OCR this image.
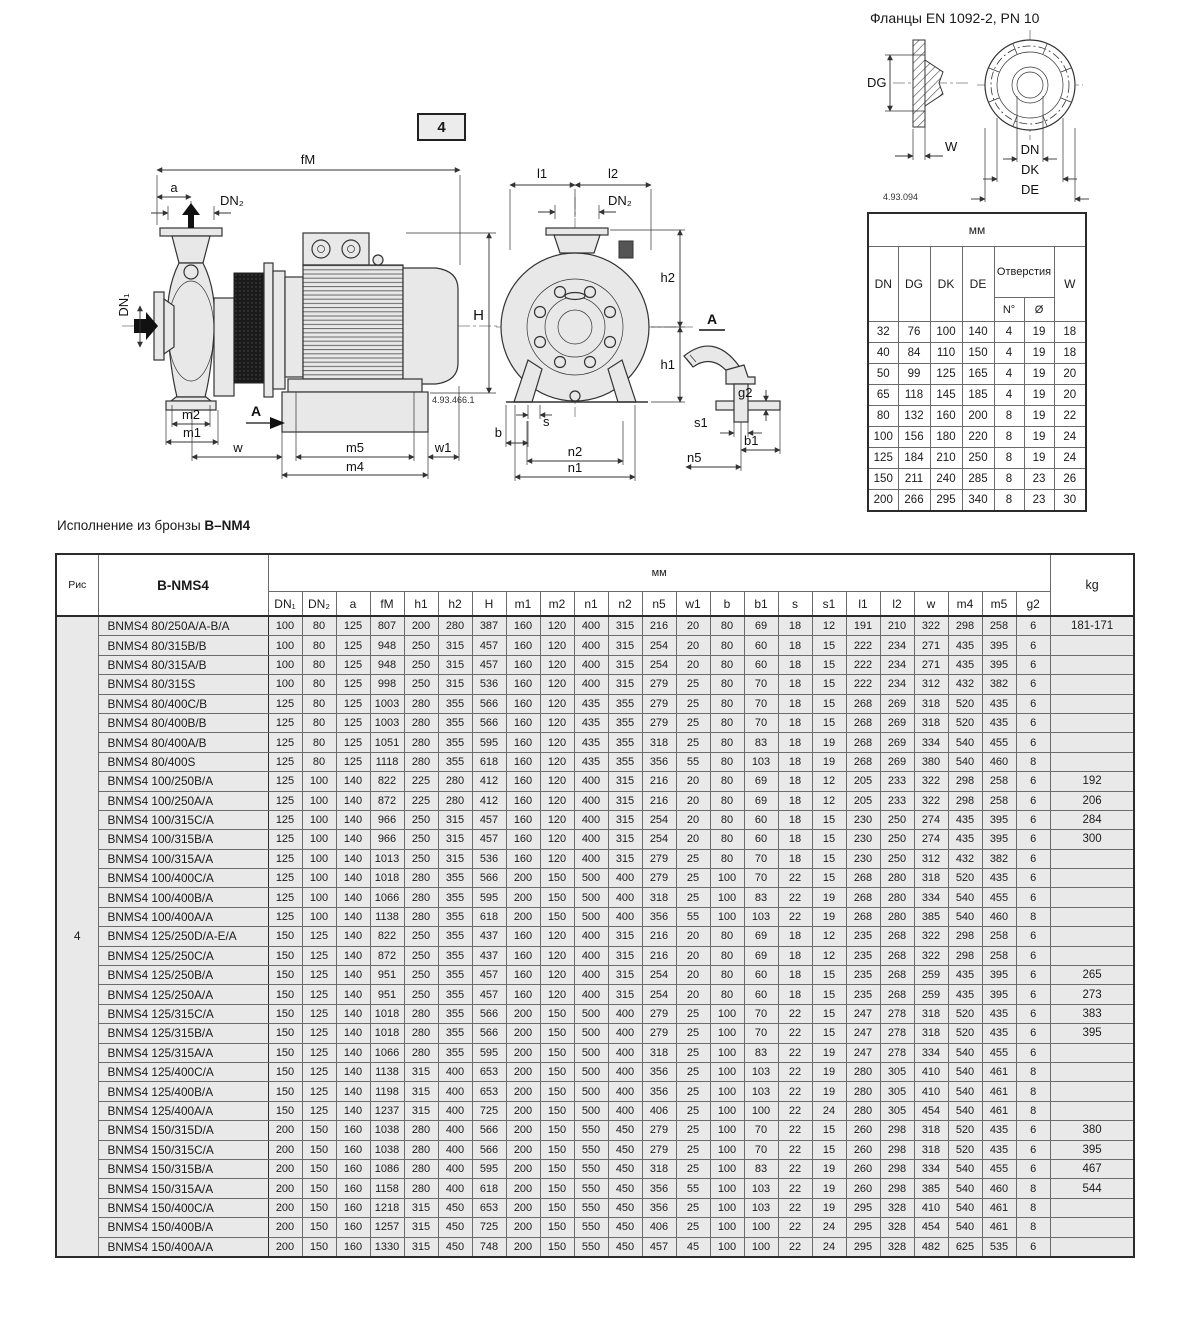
4
fM
a
DN₂
DN₁	H
A
m2
m1
w	m5	w1
m4
4.93.466.1
l1	l2
DN₂
h2
h1
s
b
n2
n1
A
g2
s1
b1
n5
Фланцы EN 1092-2, PN 10
DG
W
4.93.094
DN
DK
DE
мм						
DN	DG	DK	DE	Отверстия		W
				N°	Ø	
32	76	100	140	4	19	18
40	84	110	150	4	19	18
50	99	125	165	4	19	20
65	118	145	185	4	19	20
80	132	160	200	8	19	22
100	156	180	220	8	19	24
125	184	210	250	8	19	24
150	211	240	285	8	23	26
200	266	295	340	8	23	30
Исполнение из бронзы B–NM4
Рис	B-NMS4	мм																							kg
		DN₁	DN₂	a	fM	h1	h2	H	m1	m2	n1	n2	n5	w1	b	b1	s	s1	l1	l2	w	m4	m5	g2	
4	BNMS4 80/250A/A-B/A	100	80	125	807	200	280	387	160	120	400	315	216	20	80	69	18	12	191	210	322	298	258	6	181-171
	BNMS4 80/315B/B	100	80	125	948	250	315	457	160	120	400	315	254	20	80	60	18	15	222	234	271	435	395	6	
	BNMS4 80/315A/B	100	80	125	948	250	315	457	160	120	400	315	254	20	80	60	18	15	222	234	271	435	395	6	
	BNMS4 80/315S	100	80	125	998	250	315	536	160	120	400	315	279	25	80	70	18	15	222	234	312	432	382	6	
	BNMS4 80/400C/B	125	80	125	1003	280	355	566	160	120	435	355	279	25	80	70	18	15	268	269	318	520	435	6	
	BNMS4 80/400B/B	125	80	125	1003	280	355	566	160	120	435	355	279	25	80	70	18	15	268	269	318	520	435	6	
	BNMS4 80/400A/B	125	80	125	1051	280	355	595	160	120	435	355	318	25	80	83	18	19	268	269	334	540	455	6	
	BNMS4 80/400S	125	80	125	1118	280	355	618	160	120	435	355	356	55	80	103	18	19	268	269	380	540	460	8	
	BNMS4 100/250B/A	125	100	140	822	225	280	412	160	120	400	315	216	20	80	69	18	12	205	233	322	298	258	6	192
	BNMS4 100/250A/A	125	100	140	872	225	280	412	160	120	400	315	216	20	80	69	18	12	205	233	322	298	258	6	206
	BNMS4 100/315C/A	125	100	140	966	250	315	457	160	120	400	315	254	20	80	60	18	15	230	250	274	435	395	6	284
	BNMS4 100/315B/A	125	100	140	966	250	315	457	160	120	400	315	254	20	80	60	18	15	230	250	274	435	395	6	300
	BNMS4 100/315A/A	125	100	140	1013	250	315	536	160	120	400	315	279	25	80	70	18	15	230	250	312	432	382	6	
	BNMS4 100/400C/A	125	100	140	1018	280	355	566	200	150	500	400	279	25	100	70	22	15	268	280	318	520	435	6	
	BNMS4 100/400B/A	125	100	140	1066	280	355	595	200	150	500	400	318	25	100	83	22	19	268	280	334	540	455	6	
	BNMS4 100/400A/A	125	100	140	1138	280	355	618	200	150	500	400	356	55	100	103	22	19	268	280	385	540	460	8	
	BNMS4 125/250D/A-E/A	150	125	140	822	250	355	437	160	120	400	315	216	20	80	69	18	12	235	268	322	298	258	6	
	BNMS4 125/250C/A	150	125	140	872	250	355	437	160	120	400	315	216	20	80	69	18	12	235	268	322	298	258	6	
	BNMS4 125/250B/A	150	125	140	951	250	355	457	160	120	400	315	254	20	80	60	18	15	235	268	259	435	395	6	265
	BNMS4 125/250A/A	150	125	140	951	250	355	457	160	120	400	315	254	20	80	60	18	15	235	268	259	435	395	6	273
	BNMS4 125/315C/A	150	125	140	1018	280	355	566	200	150	500	400	279	25	100	70	22	15	247	278	318	520	435	6	383
	BNMS4 125/315B/A	150	125	140	1018	280	355	566	200	150	500	400	279	25	100	70	22	15	247	278	318	520	435	6	395
	BNMS4 125/315A/A	150	125	140	1066	280	355	595	200	150	500	400	318	25	100	83	22	19	247	278	334	540	455	6	
	BNMS4 125/400C/A	150	125	140	1138	315	400	653	200	150	500	400	356	25	100	103	22	19	280	305	410	540	461	8	
	BNMS4 125/400B/A	150	125	140	1198	315	400	653	200	150	500	400	356	25	100	103	22	19	280	305	410	540	461	8	
	BNMS4 125/400A/A	150	125	140	1237	315	400	725	200	150	500	400	406	25	100	100	22	24	280	305	454	540	461	8	
	BNMS4 150/315D/A	200	150	160	1038	280	400	566	200	150	550	450	279	25	100	70	22	15	260	298	318	520	435	6	380
	BNMS4 150/315C/A	200	150	160	1038	280	400	566	200	150	550	450	279	25	100	70	22	15	260	298	318	520	435	6	395
	BNMS4 150/315B/A	200	150	160	1086	280	400	595	200	150	550	450	318	25	100	83	22	19	260	298	334	540	455	6	467
	BNMS4 150/315A/A	200	150	160	1158	280	400	618	200	150	550	450	356	55	100	103	22	19	260	298	385	540	460	8	544
	BNMS4 150/400C/A	200	150	160	1218	315	450	653	200	150	550	450	356	25	100	103	22	19	295	328	410	540	461	8	
	BNMS4 150/400B/A	200	150	160	1257	315	450	725	200	150	550	450	406	25	100	100	22	24	295	328	454	540	461	8	
	BNMS4 150/400A/A	200	150	160	1330	315	450	748	200	150	550	450	457	45	100	100	22	24	295	328	482	625	535	6	
